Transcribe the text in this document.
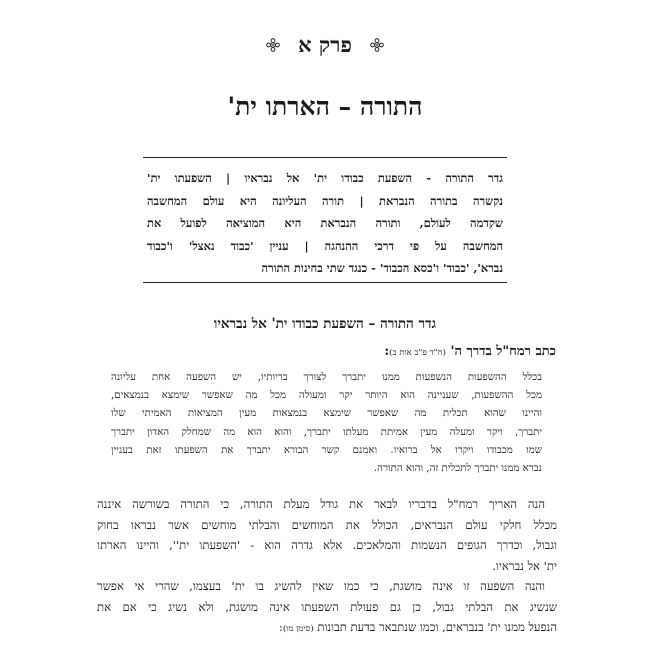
פרק א
התורה – הארתו ית'
גדר התורה - השפעת כבודו ית' אל נבראיו | השפעתו ית'
נקשרה בתורה הנבראת | תורה העליונה היא עולם המחשבה
שקדמה לעולם, ותורה הנבראת היא המוציאה לפועל את
המחשבה על פי דרכי ההנהגה | עניין 'כבוד נאצל' ו'כבוד
נברא', 'כבוד' ו'כסא הכבוד' - כנגד שתי בחינות התורה
גדר התורה – השפעת כבודו ית' אל נבראיו
כתב רמח"ל בדרך ה' (ח"ד פ"ב אות ב):
בכלל ההשפעות הנשפעות ממנו יתברך לצורך בריותיו, יש השפעה אחת עליונה
מכל ההשפעות, שעניינה הוא היותר יקר ומעולה מכל מה שאפשר שימצא בנמצאים,
והיינו שהוא תכלית מה שאפשר שימצא בנמצאות מעין המציאות האמיתי שלו
יתברך, ויקר ומעלה מעין אמיתת מעלתו יתברך, והוא הוא מה שמחלק האדון יתברך
שמו מכבודו ויקרו אל ברואיו. ואמנם קשר הבורא יתברך את השפעתו זאת בעניין
נברא ממנו יתברך לתכלית זה, והוא התורה.
הנה האריך רמח"ל בדבריו לבאר את גודל מעלת התורה, כי התורה בשורשה איננה
מכלל חלקי עולם הנבראים, הכולל את המוחשים והבלתי מוחשים אשר נבראו בחוק
וגבול, וכדרך הגופים הנשמות והמלאכים. אלא גדרה הוא - 'השפעתו ית'', והיינו הארתו
ית' אל נבראיו.
והנה השפעה זו אינה מושגת, כי כמו שאין להשיג בו ית' בעצמו, שהרי אי אפשר
שנשיג את הבלתי גבול, כן גם פעולת השפעתו אינה מושגת, ולא נשיג כי אם את
הנפעל ממנו ית' בנבראים, וכמו שנתבאר בדעת תבונות (סימן מו):
